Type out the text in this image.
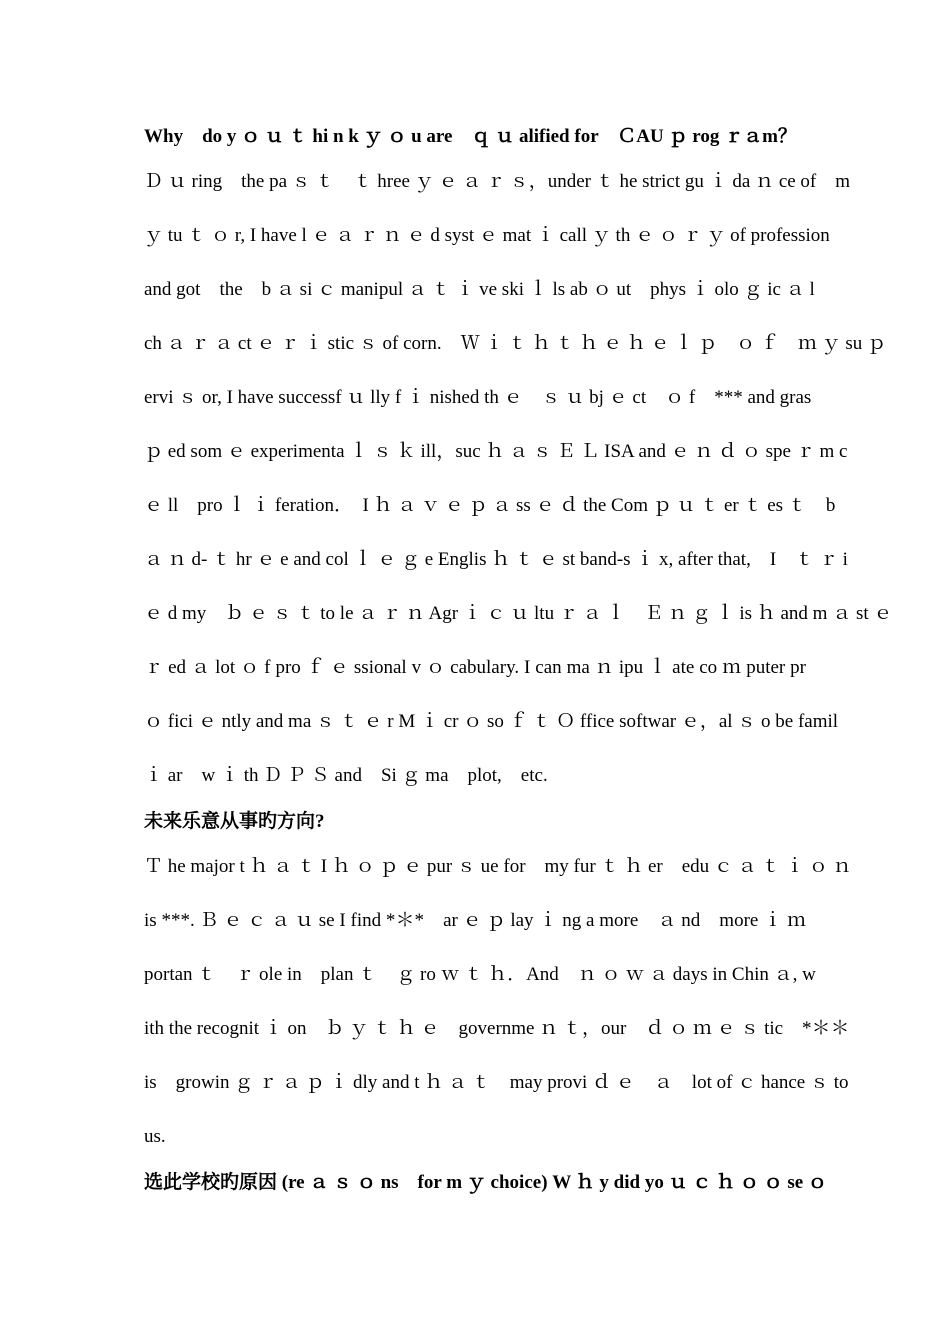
Why　do y ｏ ｕ ｔ hi n k ｙ ｏ u are　ｑ ｕ alified for　ＣAU ｐ rog ｒａm？
Ｄ ｕ ring　the pa ｓ ｔ　ｔ hree ｙ ｅ ａ ｒ ｓ，under ｔ he strict gu ｉ da ｎ ce of　m
ｙ tu ｔ ｏ r, I have l ｅ ａ ｒ ｎ ｅ d syst ｅ mat ｉ call ｙ th ｅ ｏ ｒ ｙ of profession
and got　the　b ａ si ｃ manipul ａ ｔ ｉ ve ski ｌ ls ab ｏ ut　phys ｉ olo ｇ ic ａ l
ch ａ ｒ ａ ct ｅ ｒ ｉ stic ｓ of corn.　Ｗ ｉ ｔ ｈ ｔ ｈ ｅ ｈ ｅ ｌ ｐ　ｏ ｆ　ｍ ｙ su ｐ
ervi ｓ or, I have successf ｕ lly f ｉ nished th ｅ　ｓ ｕ bj ｅ ct　ｏ f　*** and gras
ｐ ed som ｅ experimenta ｌ ｓ ｋ ill，suc ｈ ａ ｓ Ｅ Ｌ ISA and ｅ ｎ ｄ ｏ spe ｒ m c
ｅ ll　pro ｌ ｉ feration．　I ｈ ａ ｖ ｅ ｐ ａ ss ｅ ｄ the Com ｐ ｕ ｔ er ｔ es ｔ　b
ａ ｎ d- ｔ hr ｅ e and col ｌ ｅ ｇ e Englis ｈ ｔ ｅ st band-s ｉ x, after that,　I　ｔ ｒ i
ｅ d my　ｂ ｅ ｓ ｔ to le ａ ｒ ｎ Agr ｉ ｃ ｕ ltu ｒ ａ ｌ　Ｅ ｎ ｇ ｌ is ｈ and m ａ st ｅ
ｒ ed ａ lot ｏ f pro ｆ ｅ ssional v ｏ cabulary. I can ma ｎ ipu ｌ ate co ｍ puter pr
ｏ fici ｅ ntly and ma ｓ ｔ ｅ r M ｉ cr ｏ so ｆ ｔ Ｏ ffice softwar ｅ，al ｓ o be famil
ｉ ar　w ｉ th Ｄ Ｐ Ｓ and　Si ｇ ma　plot,　etc.
未来乐意从事旳方向?
Ｔ he major t ｈ ａ ｔ I ｈ ｏ ｐ ｅ pur ｓ ue for　my fur ｔ ｈ er　edu ｃ ａ ｔ ｉ ｏ ｎ
is ***. Ｂ ｅ ｃ ａ ｕ se I find *＊*　ar ｅ ｐ lay ｉ ng a more　ａ nd　more ｉ ｍ
portan ｔ　ｒ ole in　plan ｔ　ｇ ro ｗ ｔ ｈ．And　ｎ ｏ ｗ ａ days in Chin ａ, w
ith the recognit ｉ on　ｂ ｙ ｔ ｈ ｅ　governme ｎ ｔ，our　ｄ ｏ ｍ ｅ ｓ tic　*＊＊
is　growin ｇ ｒ ａ ｐ ｉ dly and t ｈ ａ ｔ　may provi ｄ ｅ　ａ　lot of ｃ hance ｓ to
us.
选此学校旳原因 (re ａ ｓ ｏ ns　for m ｙ choice) W ｈ y did yo ｕ ｃ ｈ ｏ ｏ se ｏ
